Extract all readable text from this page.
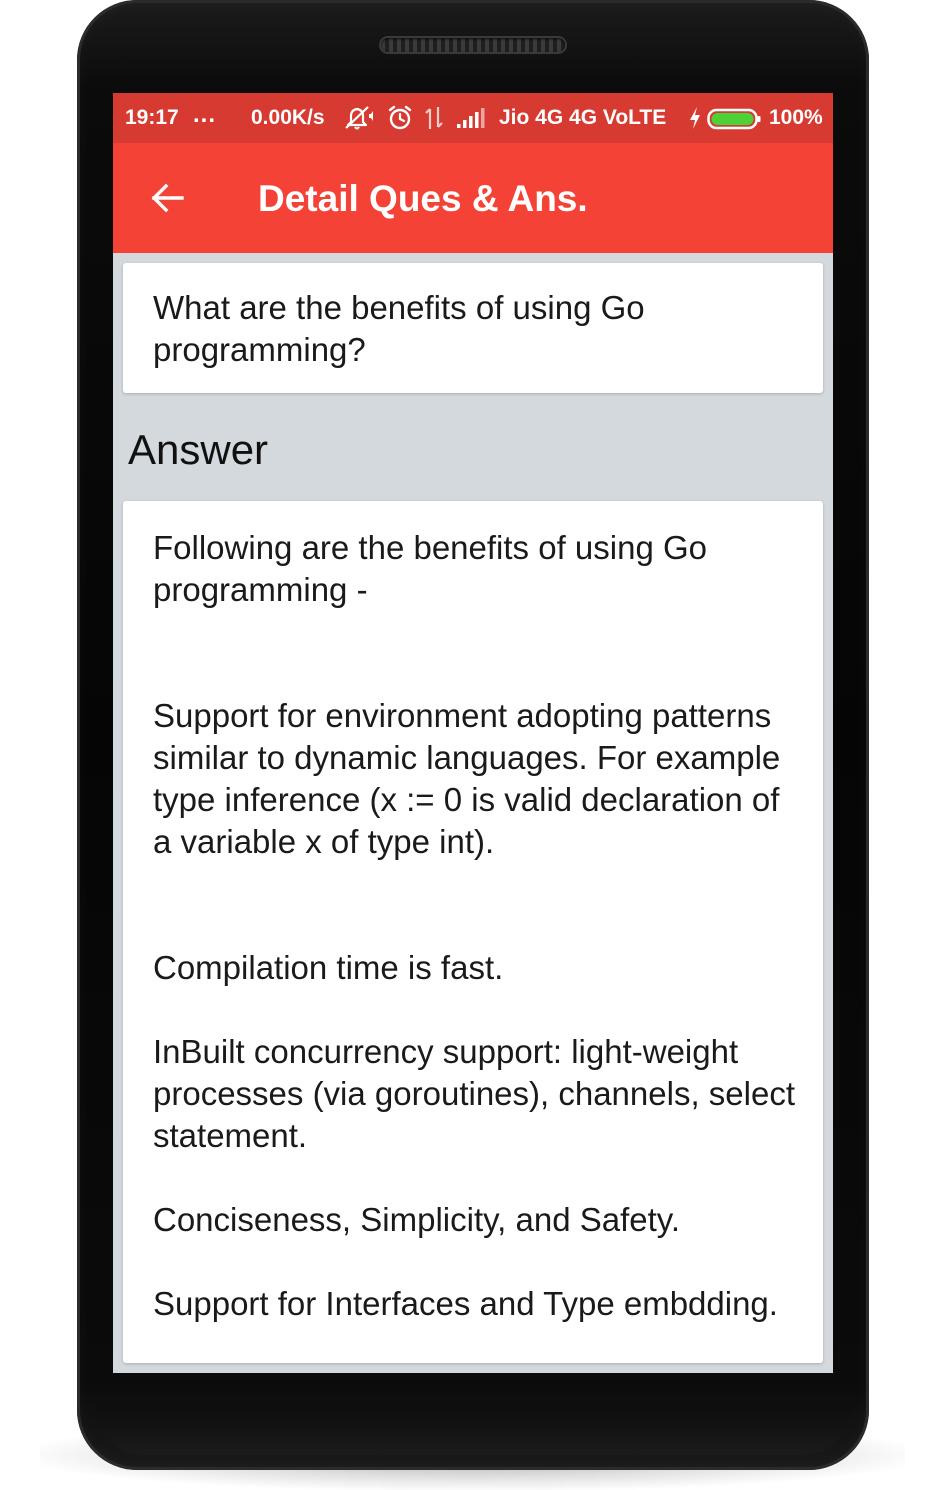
19:17 ... 0.00K/s	Jio 4G 4G VoLTE	100%
Detail Ques & Ans.

What are the benefits of using Go programming?

Answer

Following are the benefits of using Go programming -

Support for environment adopting patterns similar to dynamic languages. For example type inference (x := 0 is valid declaration of a variable x of type int).

Compilation time is fast.

InBuilt concurrency support: light-weight processes (via goroutines), channels, select statement.

Conciseness, Simplicity, and Safety.

Support for Interfaces and Type embdding.
